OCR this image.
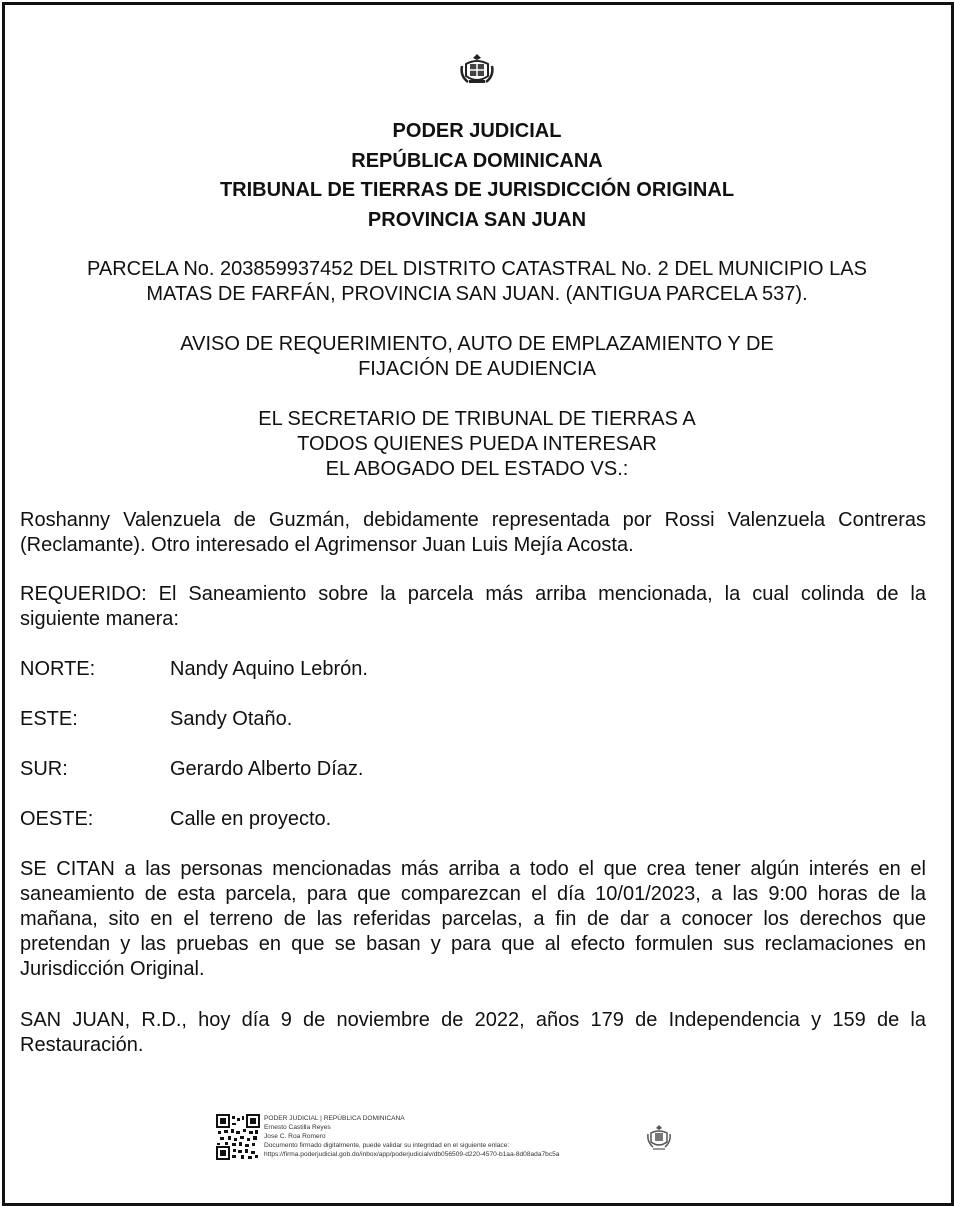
PODER JUDICIAL
REPÚBLICA DOMINICANA
TRIBUNAL DE TIERRAS DE JURISDICCIÓN ORIGINAL
PROVINCIA SAN JUAN
PARCELA No. 203859937452 DEL DISTRITO CATASTRAL No. 2 DEL MUNICIPIO LAS
MATAS DE FARFÁN, PROVINCIA SAN JUAN. (ANTIGUA PARCELA 537).
AVISO DE REQUERIMIENTO, AUTO DE EMPLAZAMIENTO Y DE
FIJACIÓN DE AUDIENCIA
EL SECRETARIO DE TRIBUNAL DE TIERRAS A
TODOS QUIENES PUEDA INTERESAR
EL ABOGADO DEL ESTADO VS.:
Roshanny Valenzuela de Guzmán, debidamente representada por Rossi Valenzuela Contreras (Reclamante). Otro interesado el Agrimensor Juan Luis Mejía Acosta.
REQUERIDO: El Saneamiento sobre la parcela más arriba mencionada, la cual colinda de la siguiente manera:
NORTE:	Nandy Aquino Lebrón.
ESTE:	Sandy Otaño.
SUR:	Gerardo Alberto Díaz.
OESTE:	Calle en proyecto.
SE CITAN a las personas mencionadas más arriba a todo el que crea tener algún interés en el saneamiento de esta parcela, para que comparezcan el día 10/01/2023, a las 9:00 horas de la mañana, sito en el terreno de las referidas parcelas, a fin de dar a conocer los derechos que pretendan y las pruebas en que se basan y para que al efecto formulen sus reclamaciones en Jurisdicción Original.
SAN JUAN, R.D., hoy día 9 de noviembre de 2022, años 179 de Independencia y 159 de la Restauración.
PODER JUDICIAL | REPÚBLICA DOMINICANA
Ernesto Castilla Reyes
Jose C. Roa Romero
Documento firmado digitalmente, puede validar su integridad en el siguiente enlace:
https://firma.poderjudicial.gob.do/inbox/app/poderjudicialv/db056509-d220-4570-b1aa-8d08ada7bc5a
